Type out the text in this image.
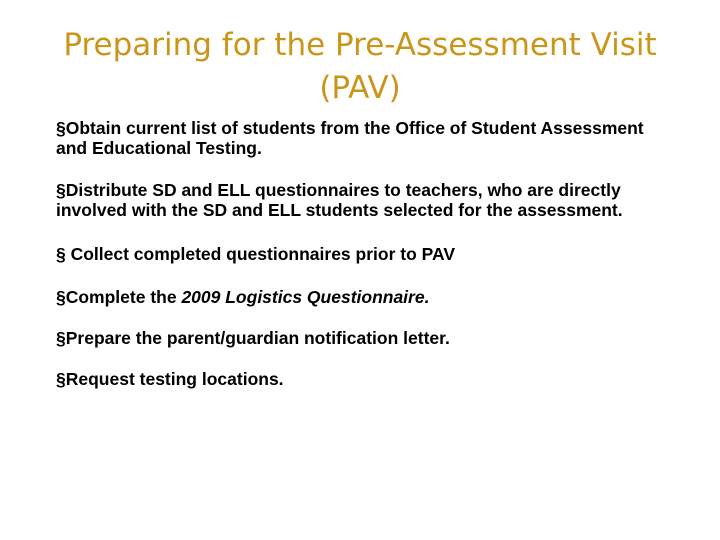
Preparing for the Pre-Assessment Visit
(PAV)
§Obtain current list of students from the Office of Student Assessment and Educational Testing.
§Distribute SD and ELL questionnaires to teachers, who are directly involved with the SD and ELL students selected for the assessment.
§ Collect completed questionnaires prior to PAV
§Complete the 2009 Logistics Questionnaire.
§Prepare the parent/guardian notification letter.
§Request testing locations.
